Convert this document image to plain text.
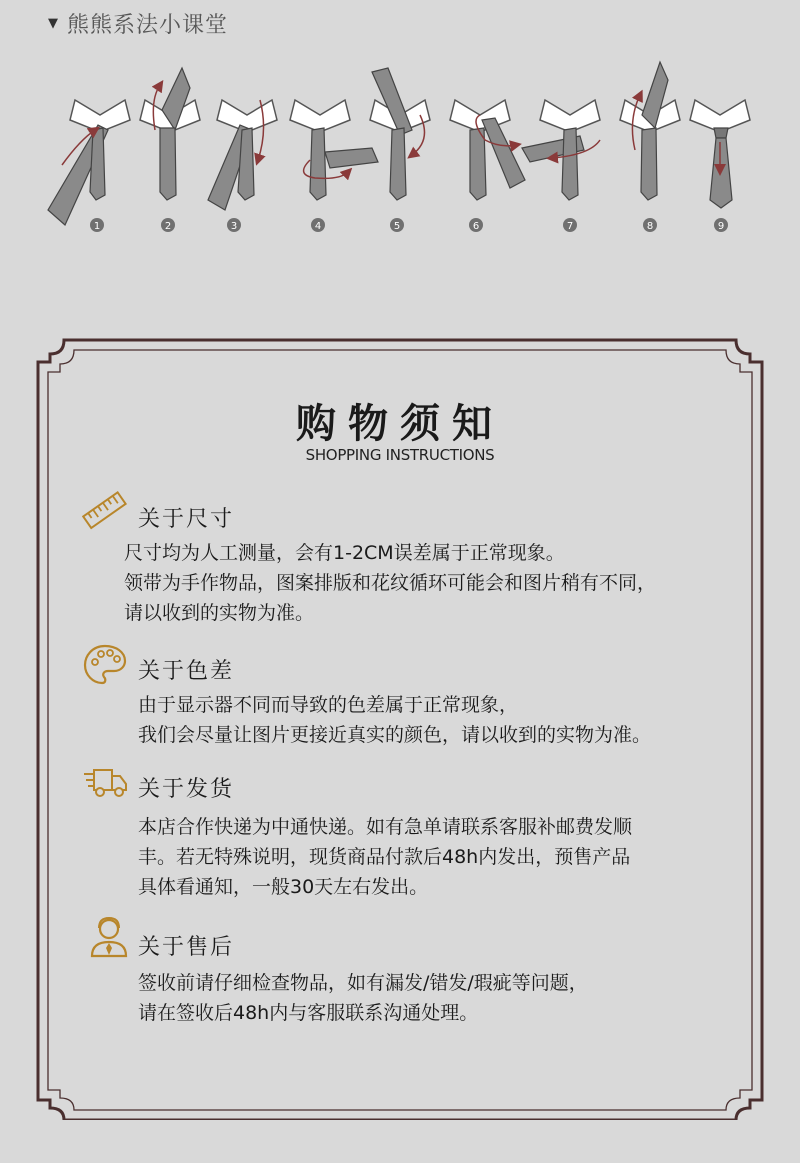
▼ 熊熊系法小课堂
1	2	3	4	5	6	7	8	9
购物须知
SHOPPING INSTRUCTIONS
关于尺寸
尺寸均为人工测量，会有1-2CM误差属于正常现象。
领带为手作物品，图案排版和花纹循环可能会和图片稍有不同，
请以收到的实物为准。
关于色差
由于显示器不同而导致的色差属于正常现象，
我们会尽量让图片更接近真实的颜色，请以收到的实物为准。
关于发货
本店合作快递为中通快递。如有急单请联系客服补邮费发顺
丰。若无特殊说明，现货商品付款后48h内发出，预售产品
具体看通知，一般30天左右发出。
关于售后
签收前请仔细检查物品，如有漏发/错发/瑕疵等问题，
请在签收后48h内与客服联系沟通处理。
